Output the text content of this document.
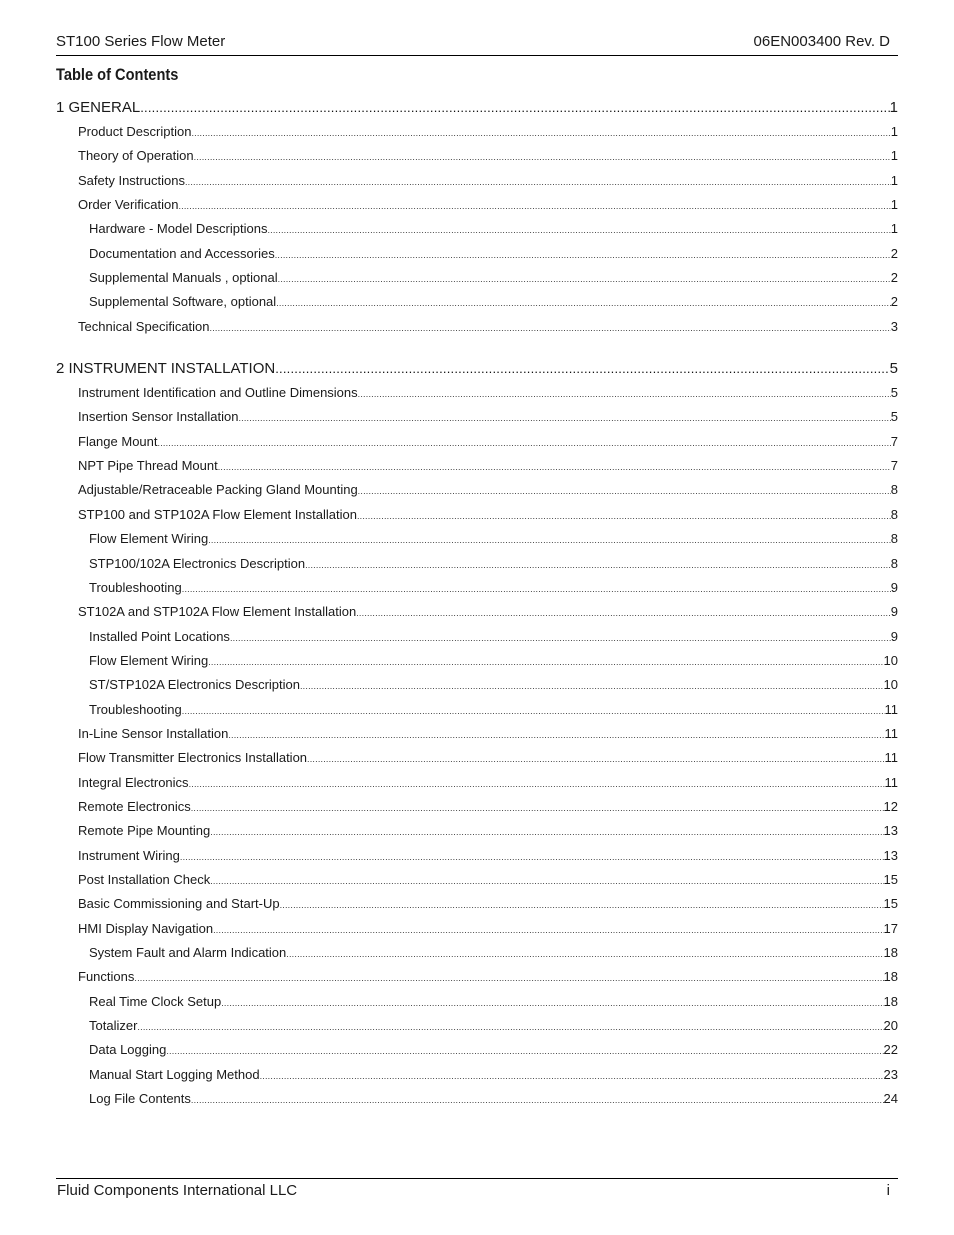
ST100 Series Flow Meter	06EN003400 Rev. D
Table of Contents
1 GENERAL .....	1
Product Description .....	1
Theory of Operation .....	1
Safety Instructions .....	1
Order Verification .....	1
Hardware - Model Descriptions .....	1
Documentation and Accessories .....	2
Supplemental Manuals , optional .....	2
Supplemental Software, optional .....	2
Technical Specification .....	3
2 INSTRUMENT INSTALLATION .....	5
Instrument Identification and Outline Dimensions .....	5
Insertion Sensor Installation .....	5
Flange Mount .....	7
NPT Pipe Thread Mount .....	7
Adjustable/Retraceable Packing Gland Mounting .....	8
STP100 and STP102A Flow Element Installation .....	8
Flow Element Wiring .....	8
STP100/102A Electronics Description .....	8
Troubleshooting .....	9
ST102A and STP102A Flow Element Installation .....	9
Installed Point Locations .....	9
Flow Element Wiring .....	10
ST/STP102A Electronics Description .....	10
Troubleshooting .....	11
In-Line Sensor Installation .....	11
Flow Transmitter Electronics Installation .....	11
Integral Electronics .....	11
Remote Electronics .....	12
Remote Pipe Mounting .....	13
Instrument Wiring .....	13
Post Installation Check .....	15
Basic Commissioning and Start-Up .....	15
HMI Display Navigation .....	17
System Fault and Alarm Indication .....	18
Functions .....	18
Real Time Clock Setup .....	18
Totalizer .....	20
Data Logging .....	22
Manual Start Logging Method .....	23
Log File Contents .....	24
Fluid Components International LLC	i
